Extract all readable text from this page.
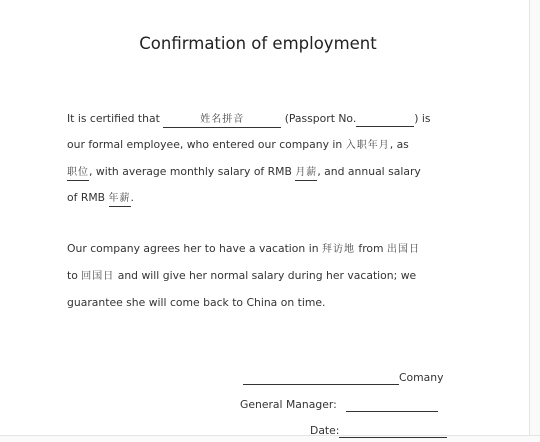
Confirmation of employment
It is certified that	姓名拼音	(Passport No.	) is
our formal employee, who entered our company in 入职年月, as
职位, with average monthly salary of RMB 月薪, and annual salary
of RMB 年薪.
Our company agrees her to have a vacation in 拜访地 from 出国日
to 回国日 and will give her normal salary during her vacation; we
guarantee she will come back to China on time.
Comany
General Manager:
Date:
